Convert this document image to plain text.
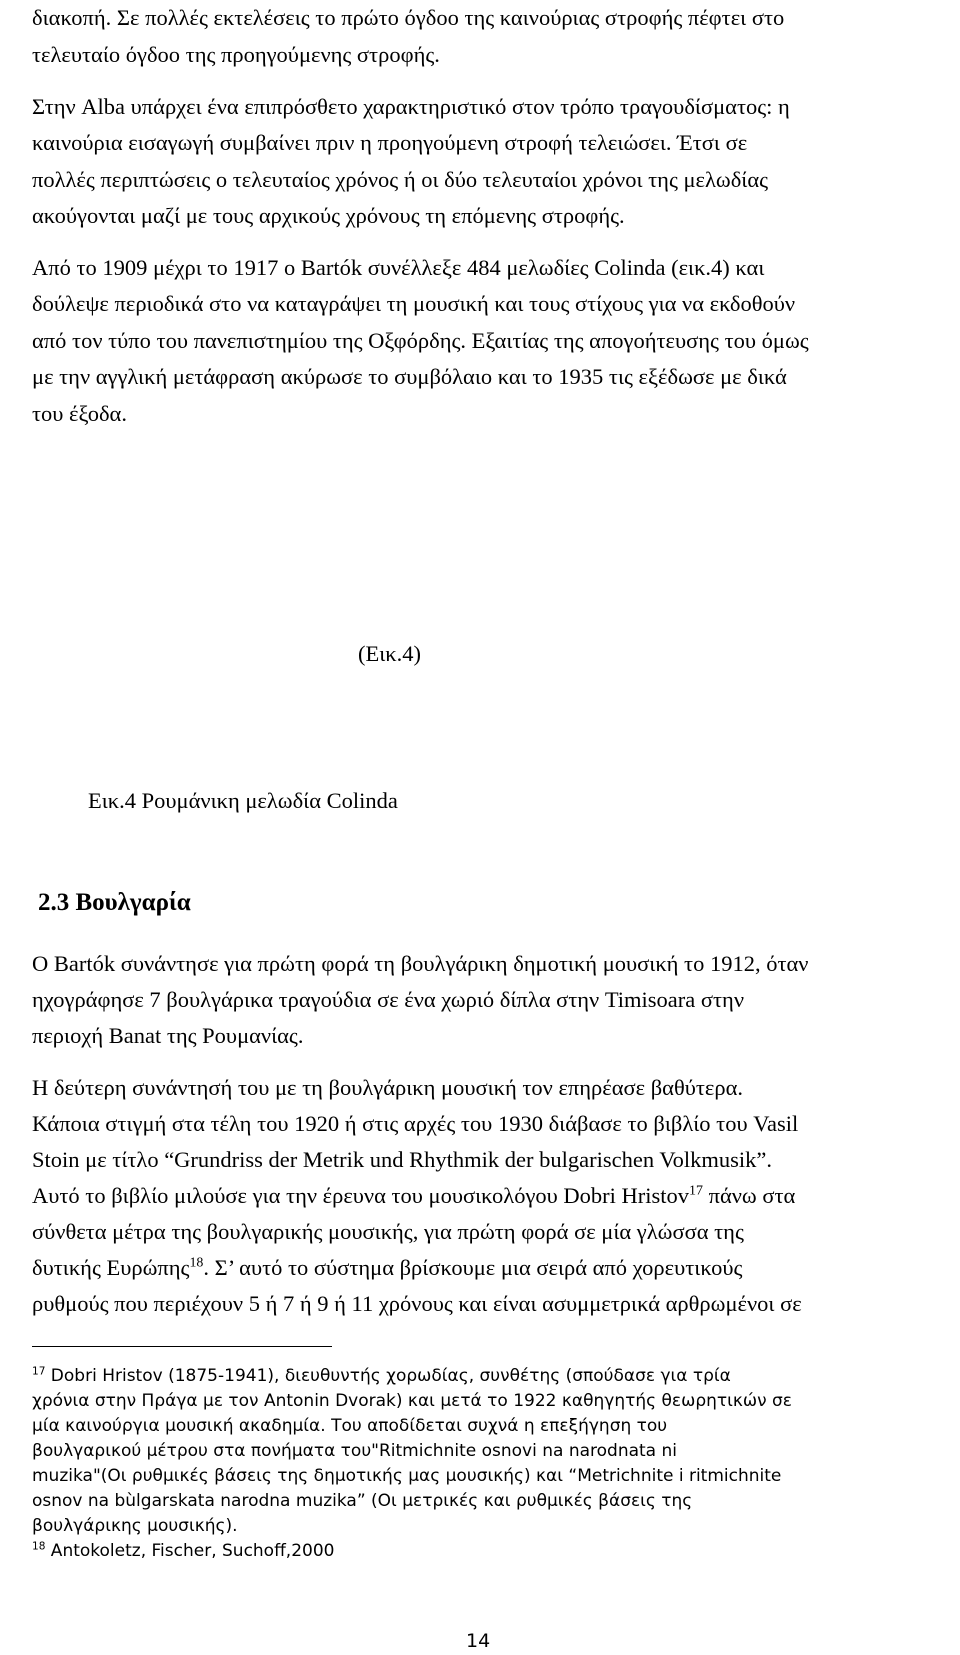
διακοπή. Σε πολλές εκτελέσεις το πρώτο όγδοο της καινούριας στροφής πέφτει στο
τελευταίο όγδοο της προηγούμενης στροφής.
Στην Alba υπάρχει ένα επιπρόσθετο χαρακτηριστικό στον τρόπο τραγουδίσματος: η
καινούρια εισαγωγή συμβαίνει πριν η προηγούμενη στροφή τελειώσει. Έτσι σε
πολλές περιπτώσεις ο τελευταίος χρόνος ή οι δύο τελευταίοι χρόνοι της μελωδίας
ακούγονται μαζί με τους αρχικούς χρόνους τη επόμενης στροφής.
Από το 1909 μέχρι το 1917 ο Bartók συνέλλεξε 484 μελωδίες Colinda (εικ.4) και
δούλεψε περιοδικά στο να καταγράψει τη μουσική και τους στίχους για να εκδοθούν
από τον τύπο του πανεπιστημίου της Οξφόρδης. Εξαιτίας της απογοήτευσης του όμως
με την αγγλική μετάφραση ακύρωσε το συμβόλαιο και το 1935 τις εξέδωσε με δικά
του έξοδα.
(Εικ.4)
Εικ.4 Ρουμάνικη μελωδία Colinda
2.3 Βουλγαρία
Ο Bartók συνάντησε για πρώτη φορά τη βουλγάρικη δημοτική μουσική το 1912, όταν
ηχογράφησε 7 βουλγάρικα τραγούδια σε ένα χωριό δίπλα στην Timisoara στην
περιοχή Banat της Ρουμανίας.
Η δεύτερη συνάντησή του με τη βουλγάρικη μουσική τον επηρέασε βαθύτερα.
Κάποια στιγμή στα τέλη του 1920 ή στις αρχές του 1930 διάβασε το βιβλίο του Vasil
Stoin με τίτλο “Grundriss der Metrik und Rhythmik der bulgarischen Volkmusik”.
Αυτό το βιβλίο μιλούσε για την έρευνα του μουσικολόγου Dobri Hristov$^{17}$ πάνω στα
σύνθετα μέτρα της βουλγαρικής μουσικής, για πρώτη φορά σε μία γλώσσα της
δυτικής Ευρώπης$^{18}$. Σ’ αυτό το σύστημα βρίσκουμε μια σειρά από χορευτικούς
ρυθμούς που περιέχουν 5 ή 7 ή 9 ή 11 χρόνους και είναι ασυμμετρικά αρθρωμένοι σε
$^{17}$ Dobri Hristov (1875-1941), διευθυντής χορωδίας, συνθέτης (σπούδασε για τρία
χρόνια στην Πράγα με τον Antonin Dvorak) και μετά το 1922 καθηγητής θεωρητικών σε
μία καινούργια μουσική ακαδημία. Του αποδίδεται συχνά η επεξήγηση του
βουλγαρικού μέτρου στα πονήματα του"Ritmichnite osnovi na narodnata ni
muzika"(Οι ρυθμικές βάσεις της δημοτικής μας μουσικής) και “Metrichnite i ritmichnite
osnov na bùlgarskata narodna muzika” (Οι μετρικές και ρυθμικές βάσεις της
βουλγάρικης μουσικής).
$^{18}$ Antokoletz, Fischer, Suchoff,2000
14
